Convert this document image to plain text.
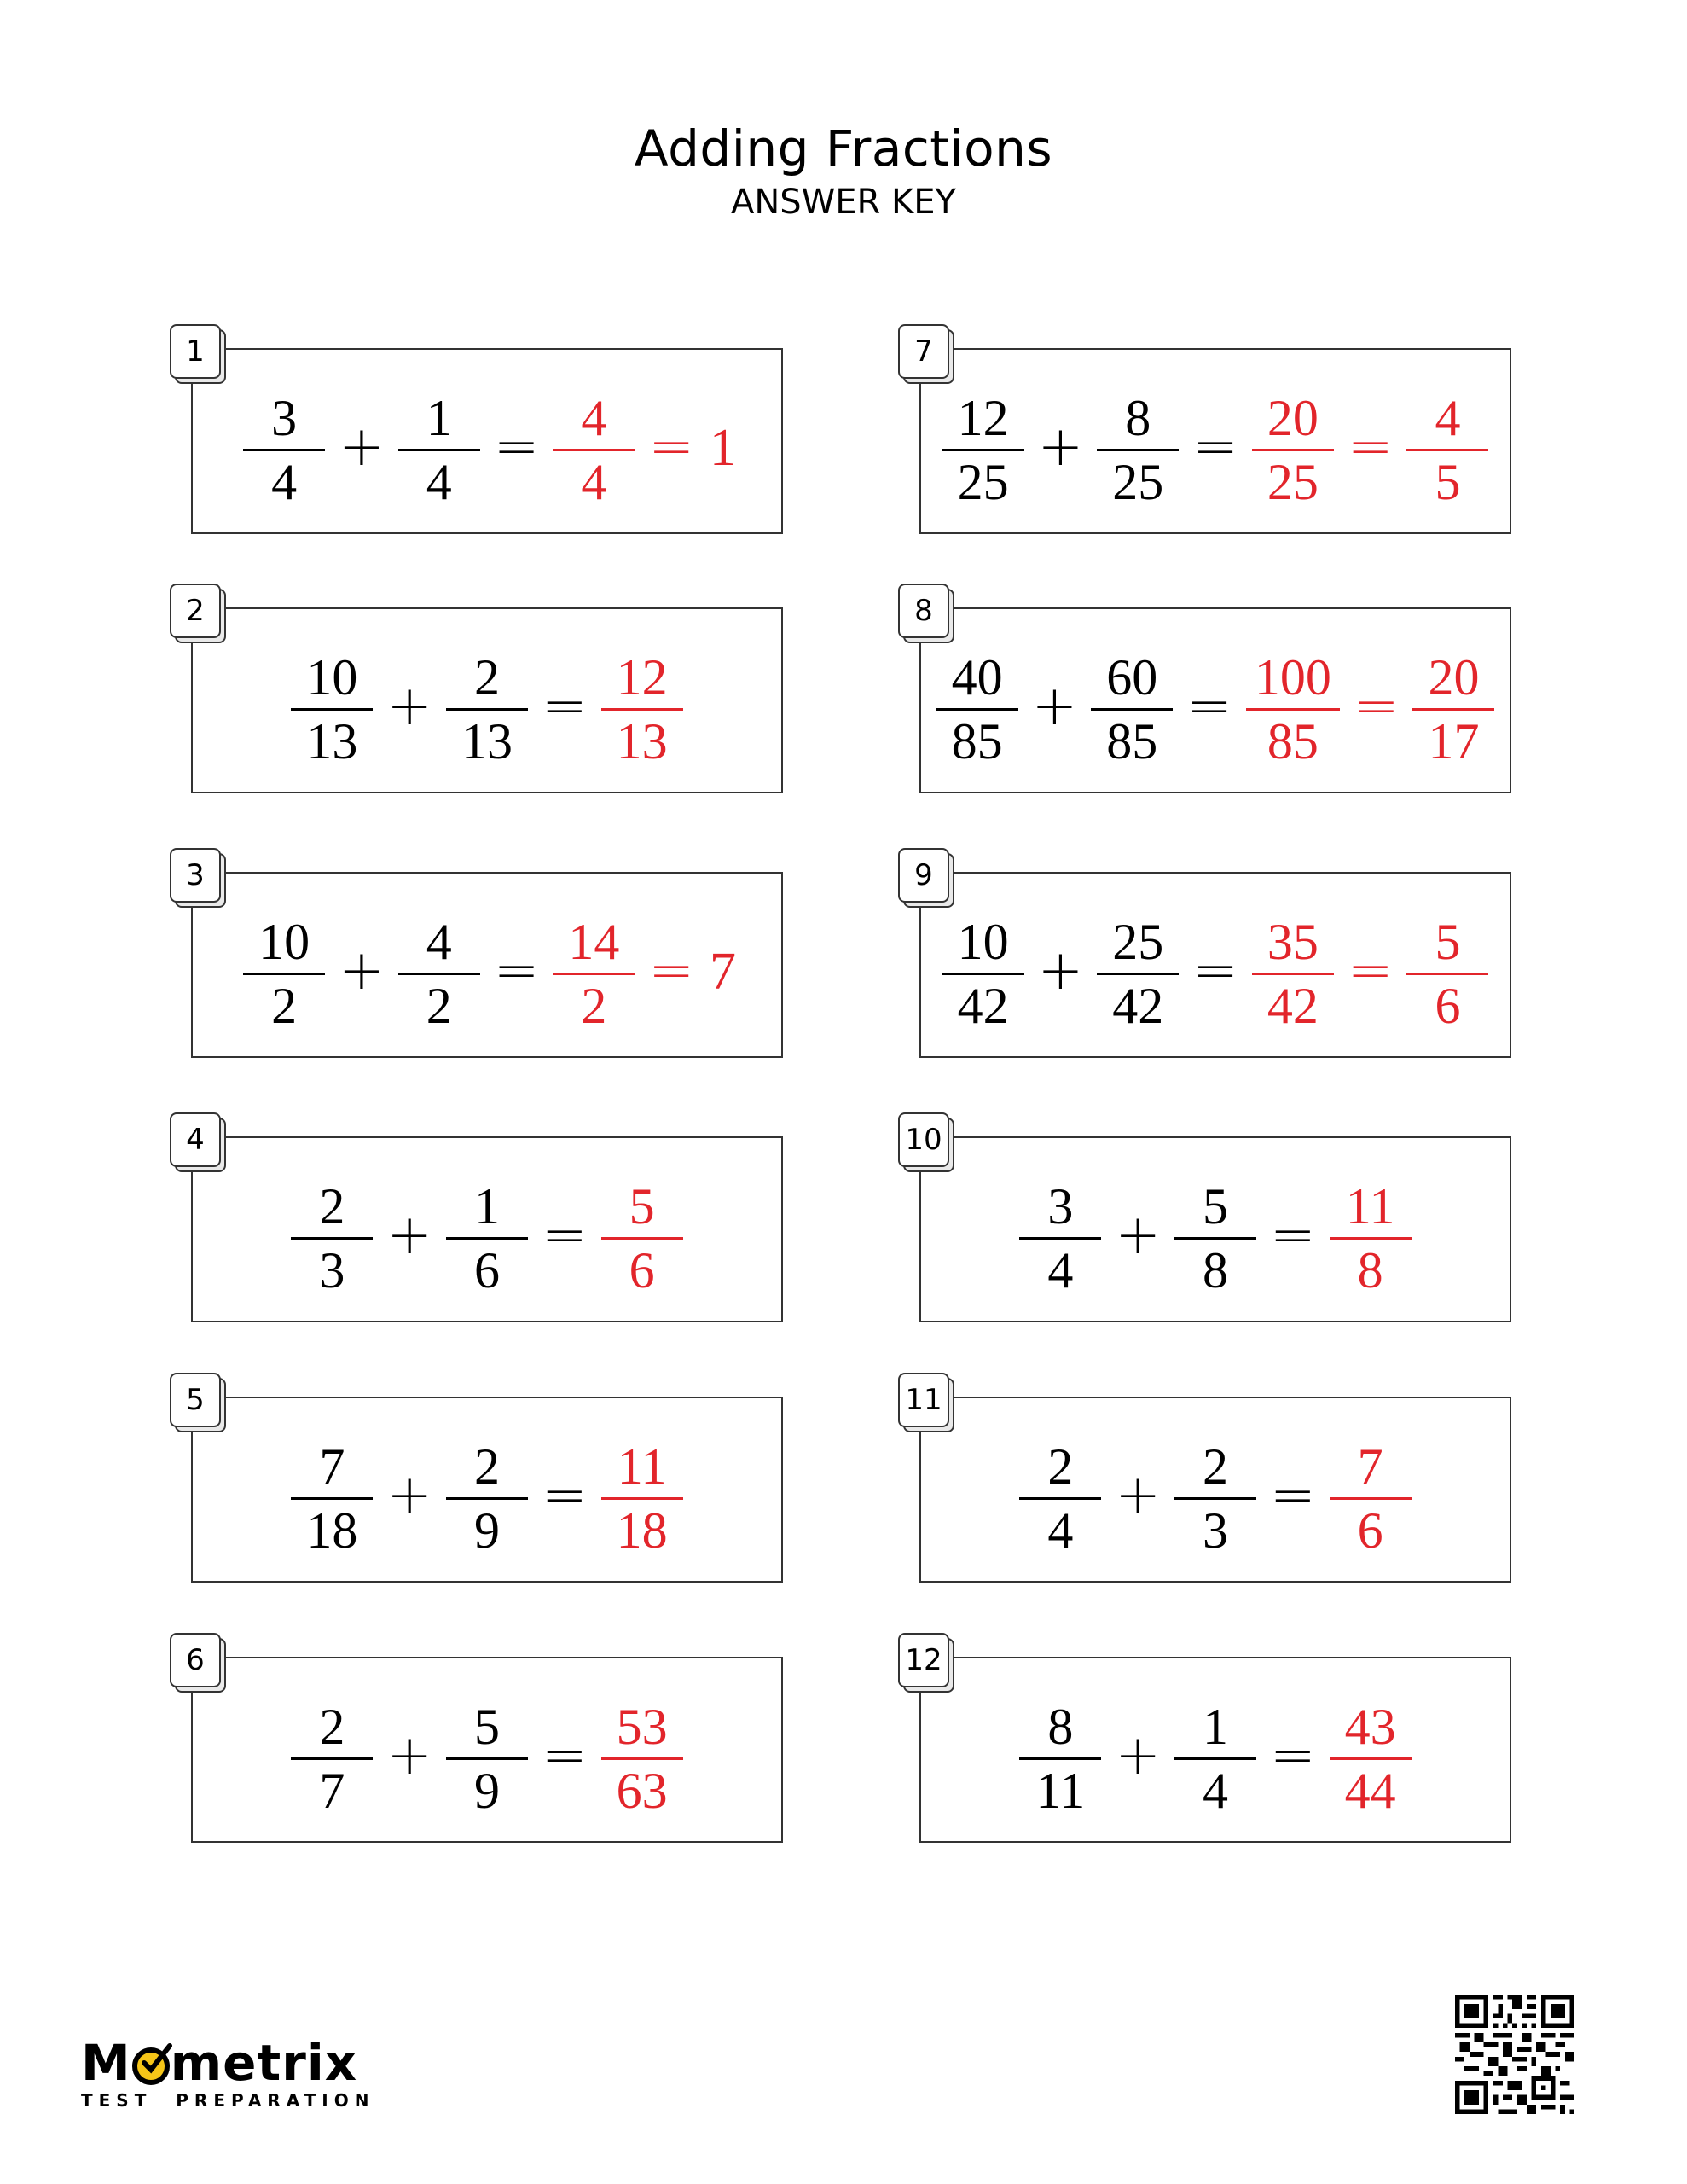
Adding Fractions
ANSWER KEY
1
$\frac{3}{4} + \frac{1}{4} = \frac{4}{4} = 1$
2
$\frac{10}{13} + \frac{2}{13} = \frac{12}{13}$
3
$\frac{10}{2} + \frac{4}{2} = \frac{14}{2} = 7$
4
$\frac{2}{3} + \frac{1}{6} = \frac{5}{6}$
5
$\frac{7}{18} + \frac{2}{9} = \frac{11}{18}$
6
$\frac{2}{7} + \frac{5}{9} = \frac{53}{63}$
7
$\frac{12}{25} + \frac{8}{25} = \frac{20}{25} = \frac{4}{5}$
8
$\frac{40}{85} + \frac{60}{85} = \frac{100}{85} = \frac{20}{17}$
9
$\frac{10}{42} + \frac{25}{42} = \frac{35}{42} = \frac{5}{6}$
10
$\frac{3}{4} + \frac{5}{8} = \frac{11}{8}$
11
$\frac{2}{4} + \frac{2}{3} = \frac{7}{6}$
12
$\frac{8}{11} + \frac{1}{4} = \frac{43}{44}$
M metrix
TEST  PREPARATION
